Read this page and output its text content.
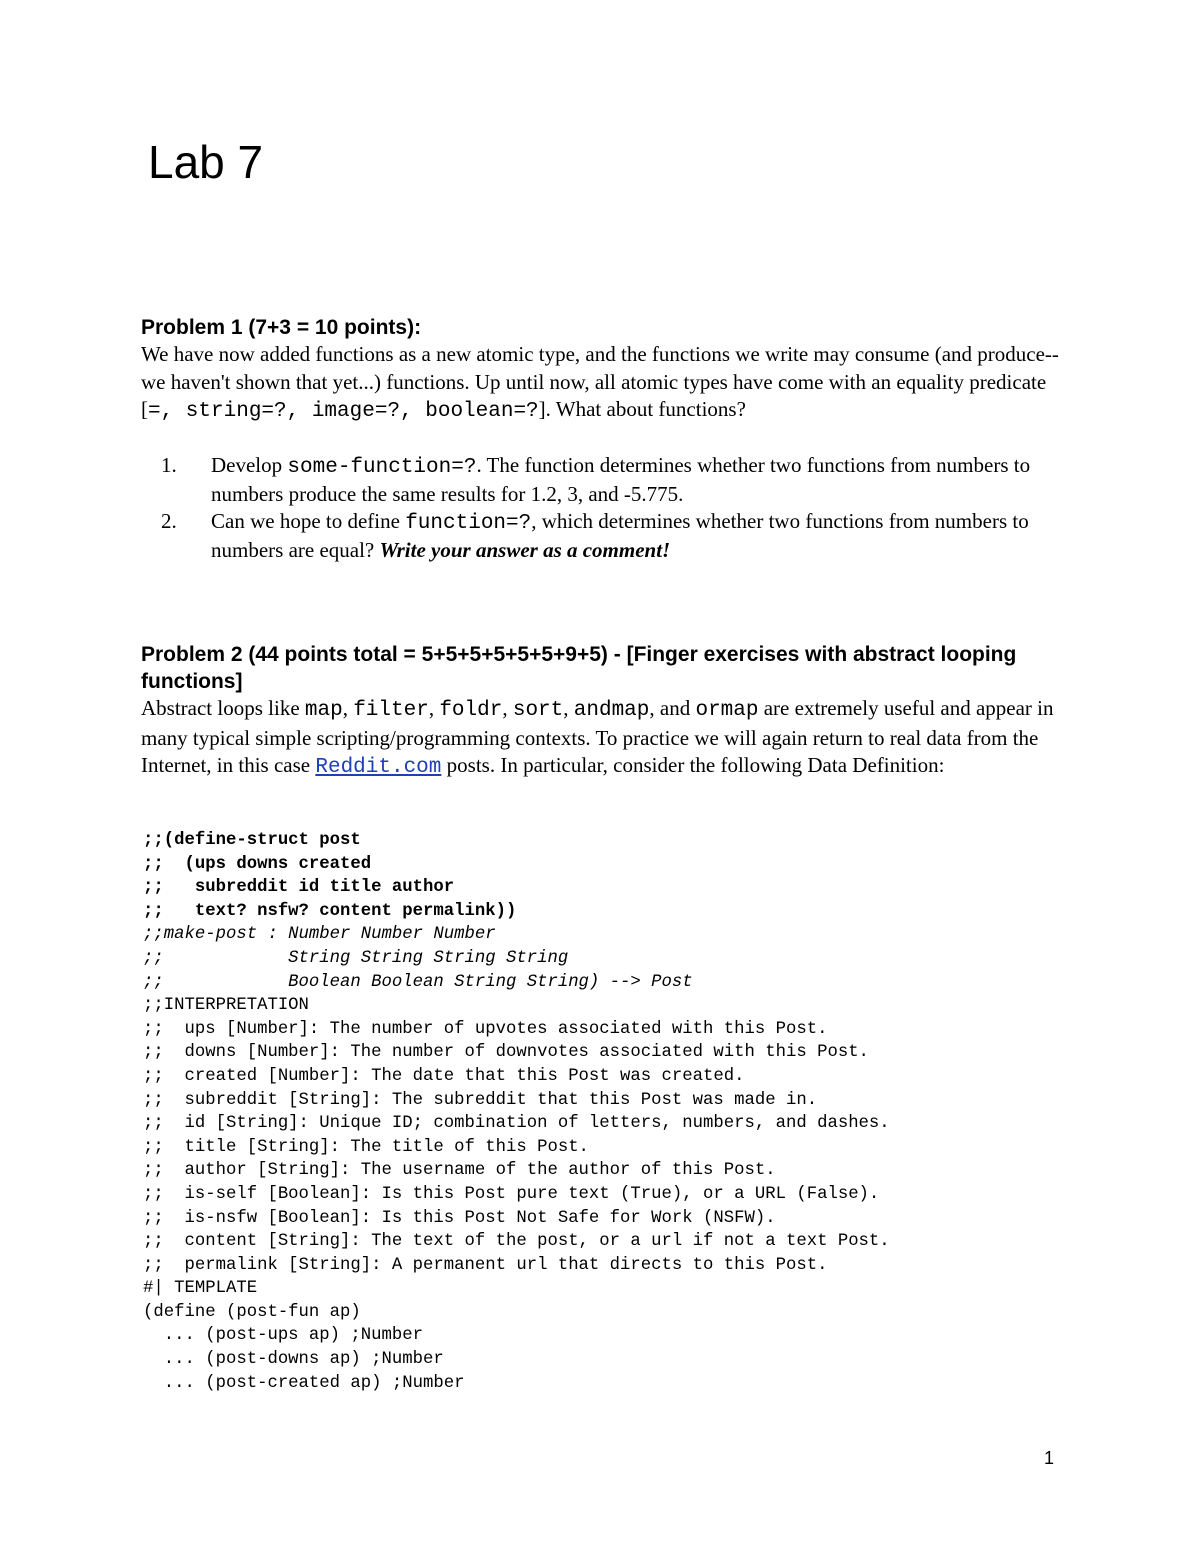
Lab 7

Problem 1 (7+3 = 10 points):

We have now added functions as a new atomic type, and the functions we write may consume (and produce--we haven't shown that yet...) functions. Up until now, all atomic types have come with an equality predicate [=, string=?, image=?, boolean=?]. What about functions?

1. Develop some-function=?. The function determines whether two functions from numbers to numbers produce the same results for 1.2, 3, and -5.775.
2. Can we hope to define function=?, which determines whether two functions from numbers to numbers are equal? Write your answer as a comment!

Problem 2 (44 points total = 5+5+5+5+5+5+9+5) - [Finger exercises with abstract looping functions]

Abstract loops like map, filter, foldr, sort, andmap, and ormap are extremely useful and appear in many typical simple scripting/programming contexts. To practice we will again return to real data from the Internet, in this case Reddit.com posts. In particular, consider the following Data Definition:

;;(define-struct post
;;  (ups downs created
;;   subreddit id title author
;;   text? nsfw? content permalink))
;;make-post : Number Number Number
;;            String String String String
;;            Boolean Boolean String String) --> Post
;;INTERPRETATION
;;  ups [Number]: The number of upvotes associated with this Post.
;;  downs [Number]: The number of downvotes associated with this Post.
;;  created [Number]: The date that this Post was created.
;;  subreddit [String]: The subreddit that this Post was made in.
;;  id [String]: Unique ID; combination of letters, numbers, and dashes.
;;  title [String]: The title of this Post.
;;  author [String]: The username of the author of this Post.
;;  is-self [Boolean]: Is this Post pure text (True), or a URL (False).
;;  is-nsfw [Boolean]: Is this Post Not Safe for Work (NSFW).
;;  content [String]: The text of the post, or a url if not a text Post.
;;  permalink [String]: A permanent url that directs to this Post.
#| TEMPLATE
(define (post-fun ap)
... (post-ups ap) ;Number
... (post-downs ap) ;Number
... (post-created ap) ;Number
1
